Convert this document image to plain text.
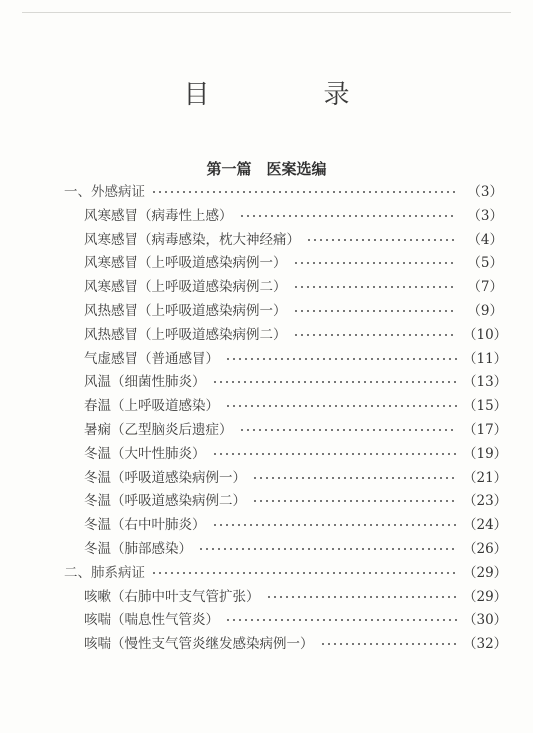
目　录
第一篇　医案选编
一、外感病证	（3）
风寒感冒（病毒性上感）	（3）
风寒感冒（病毒感染，枕大神经痛）	（4）
风寒感冒（上呼吸道感染病例一）	（5）
风寒感冒（上呼吸道感染病例二）	（7）
风热感冒（上呼吸道感染病例一）	（9）
风热感冒（上呼吸道感染病例二）	（10）
气虚感冒（普通感冒）	（11）
风温（细菌性肺炎）	（13）
春温（上呼吸道感染）	（15）
暑痫（乙型脑炎后遗症）	（17）
冬温（大叶性肺炎）	（19）
冬温（呼吸道感染病例一）	（21）
冬温（呼吸道感染病例二）	（23）
冬温（右中叶肺炎）	（24）
冬温（肺部感染）	（26）
二、肺系病证	（29）
咳嗽（右肺中叶支气管扩张）	（29）
咳喘（喘息性气管炎）	（30）
咳喘（慢性支气管炎继发感染病例一）	（32）
